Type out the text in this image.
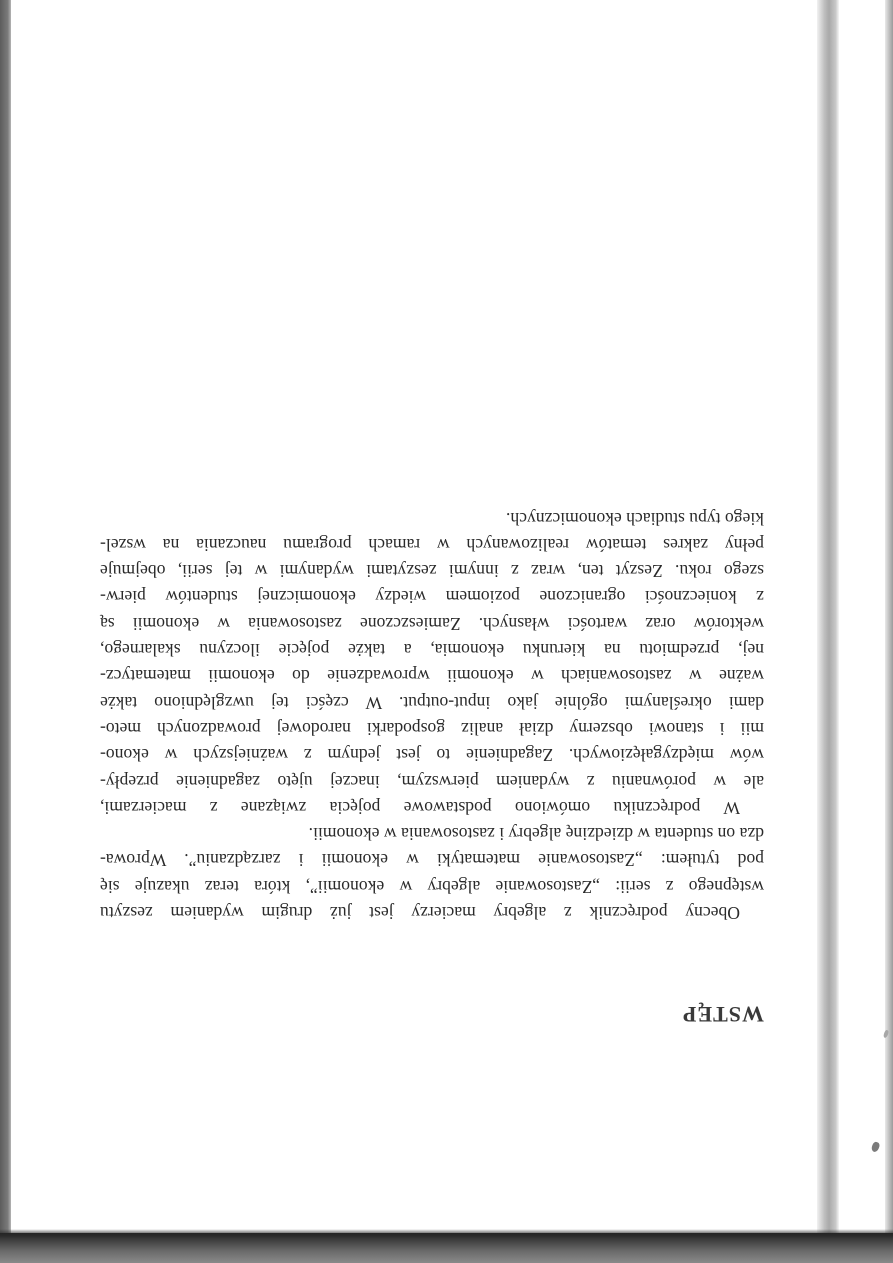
WSTĘP
Obecny podręcznik z algebry macierzy jest już drugim wydaniem zeszytu
wstępnego z serii: „Zastosowanie algebry w ekonomii”, która teraz ukazuje się
pod tytułem: „Zastosowanie matematyki w ekonomii i zarządzaniu”. Wprowa-
dza on studenta w dziedzinę algebry i zastosowania w ekonomii.
W podręczniku omówiono podstawowe pojęcia związane z macierzami,
ale w porównaniu z wydaniem pierwszym, inaczej ujęto zagadnienie przepły-
wów międzygałęziowych. Zagadnienie to jest jednym z ważniejszych w ekono-
mii i stanowi obszerny dział analiz gospodarki narodowej prowadzonych meto-
dami określanymi ogólnie jako input-output. W części tej uwzględniono także
ważne w zastosowaniach w ekonomii wprowadzenie do ekonomii matematycz-
nej, przedmiotu na kierunku ekonomia, a także pojęcie iloczynu skalarnego,
wektorów oraz wartości własnych. Zamieszczone zastosowania w ekonomii są
z konieczności ograniczone poziomem wiedzy ekonomicznej studentów pierw-
szego roku. Zeszyt ten, wraz z innymi zeszytami wydanymi w tej serii, obejmuje
pełny zakres tematów realizowanych w ramach programu nauczania na wszel-
kiego typu studiach ekonomicznych.
